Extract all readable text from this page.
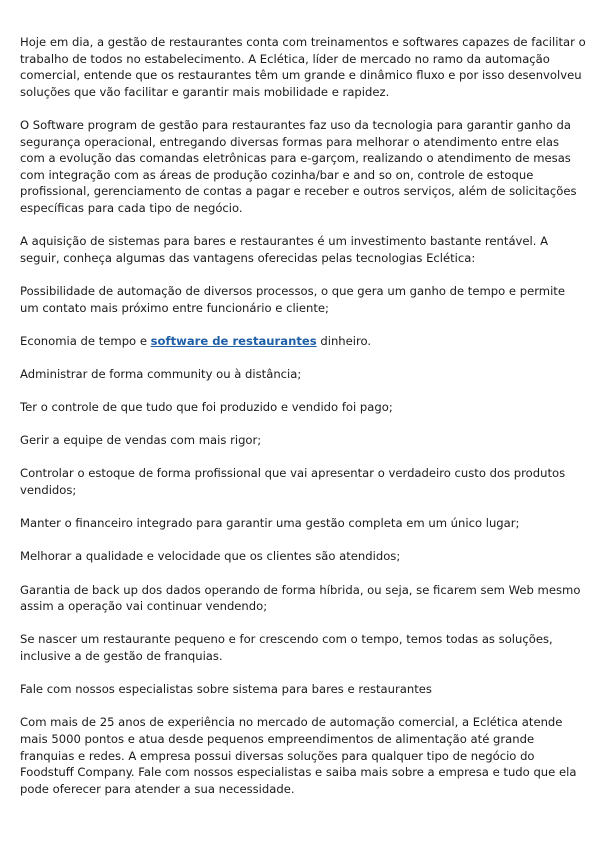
Hoje em dia, a gestão de restaurantes conta com treinamentos e softwares capazes de facilitar o trabalho de todos no estabelecimento. A Eclética, líder de mercado no ramo da automação comercial, entende que os restaurantes têm um grande e dinâmico fluxo e por isso desenvolveu soluções que vão facilitar e garantir mais mobilidade e rapidez.

O Software program de gestão para restaurantes faz uso da tecnologia para garantir ganho da segurança operacional, entregando diversas formas para melhorar o atendimento entre elas com a evolução das comandas eletrônicas para e-garçom, realizando o atendimento de mesas com integração com as áreas de produção cozinha/bar e and so on, controle de estoque profissional, gerenciamento de contas a pagar e receber e outros serviços, além de solicitações específicas para cada tipo de negócio.

A aquisição de sistemas para bares e restaurantes é um investimento bastante rentável. A seguir, conheça algumas das vantagens oferecidas pelas tecnologias Eclética:

Possibilidade de automação de diversos processos, o que gera um ganho de tempo e permite um contato mais próximo entre funcionário e cliente;

Economia de tempo e software de restaurantes dinheiro.

Administrar de forma community ou à distância;

Ter o controle de que tudo que foi produzido e vendido foi pago;

Gerir a equipe de vendas com mais rigor;

Controlar o estoque de forma profissional que vai apresentar o verdadeiro custo dos produtos vendidos;

Manter o financeiro integrado para garantir uma gestão completa em um único lugar;

Melhorar a qualidade e velocidade que os clientes são atendidos;

Garantia de back up dos dados operando de forma híbrida, ou seja, se ficarem sem Web mesmo assim a operação vai continuar vendendo;

Se nascer um restaurante pequeno e for crescendo com o tempo, temos todas as soluções, inclusive a de gestão de franquias.

Fale com nossos especialistas sobre sistema para bares e restaurantes

Com mais de 25 anos de experiência no mercado de automação comercial, a Eclética atende mais 5000 pontos e atua desde pequenos empreendimentos de alimentação até grande franquias e redes. A empresa possui diversas soluções para qualquer tipo de negócio do Foodstuff Company. Fale com nossos especialistas e saiba mais sobre a empresa e tudo que ela pode oferecer para atender a sua necessidade.
